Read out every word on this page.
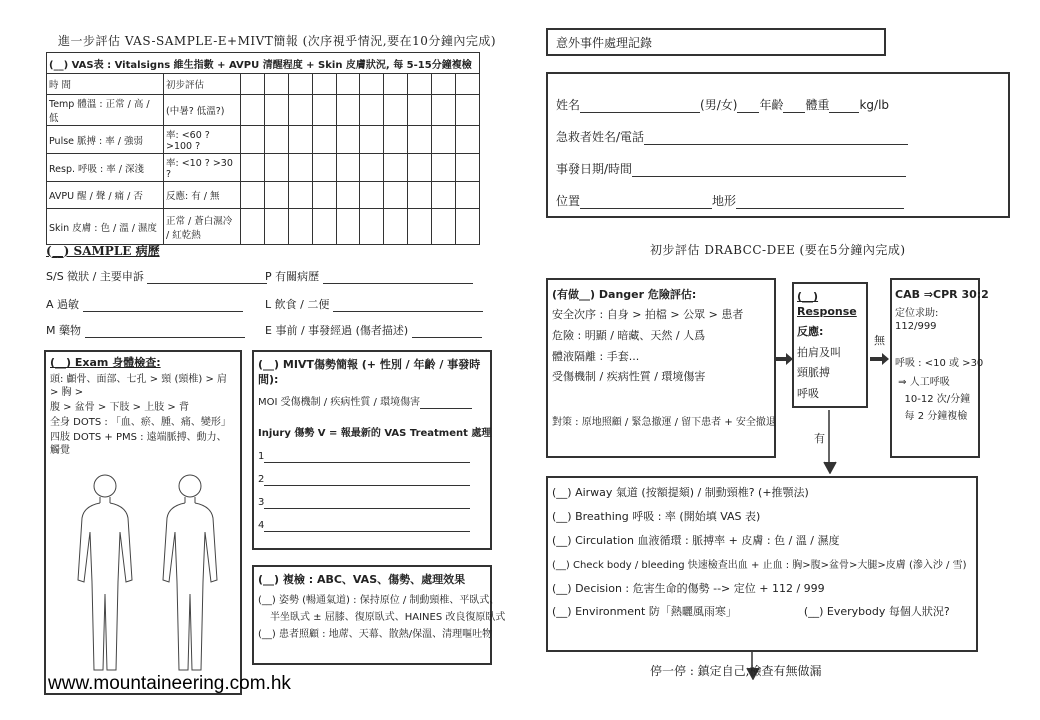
進一步評估 VAS-SAMPLE-E+MIVT簡報 (次序視乎情況,要在10分鐘內完成)
(__) VAS表 : Vitalsigns 維生指數 + AVPU 清醒程度 + Skin 皮膚狀況, 每 5-15分鐘複檢											
時 間	初步評估										
Temp 體溫 : 正常 / 高 / 低	(中暑? 低溫?)										
Pulse 脈搏 : 率 / 強弱	率: <60 ? >100 ?										
Resp. 呼吸 : 率 / 深淺	率: <10 ? >30 ?										
AVPU 醒 / 聲 / 痛 / 否	反應: 有 / 無										
Skin 皮膚 : 色 / 溫 / 濕度	正常 / 蒼白濕冷 / 紅乾熱										
(__) SAMPLE 病歷
S/S 徵狀 / 主要申訴	P 有關病歷
A 過敏	L 飲食 / 二便
M 藥物	E 事前 / 事發經過 (傷者描述)
(__) Exam 身體檢查:
頭: 顱骨、面部、七孔 > 頸 (頸椎) > 肩 > 胸 >
腹 > 盆骨 > 下肢 > 上肢 > 背
全身 DOTS : 「血、瘀、腫、痛、變形」
四肢 DOTS + PMS : 遠端脈搏、動力、觸覺
(__) MIVT傷勢簡報 (+ 性別 / 年齡 / 事發時間):
MOI 受傷機制 / 疾病性質 / 環境傷害
Injury 傷勢 V = 報最新的 VAS Treatment 處理
1
2
3
4
(__) 複檢 : ABC、VAS、傷勢、處理效果
(__) 姿勢 (暢通氣道) : 保持原位 / 制動頸椎、平臥式、
半坐臥式 ± 屈膝、復原臥式、HAINES 改良復原臥式
(__) 患者照顧 : 地蓆、天幕、散熱/保溫、清理嘔吐物
www.mountaineering.com.hk
意外事件處理記錄
姓名	(男/女) 年齡 體重	kg/lb
急救者姓名/電話
事發日期/時間
位置	地形
初步評估 DRABCC-DEE (要在5分鐘內完成)
(有做__) Danger 危險評估:
安全次序 : 自身 > 拍檔 > 公眾 > 患者
危險 : 明顯 / 暗藏、天然 / 人爲
體液隔離 : 手套...
受傷機制 / 疾病性質 / 環境傷害
對策 : 原地照顧 / 緊急撤運 / 留下患者 + 安全撤退
(__) Response
反應:
拍肩及叫
頸脈搏
呼吸
無
CAB ⇒CPR 30:2
定位求助: 112/999
呼吸 : <10 或 >30
⇒ 人工呼吸
10-12 次/分鐘
每 2 分鐘複檢
有
(__) Airway 氣道 (按額提頦) / 制動頸椎? (+推顎法)
(__) Breathing 呼吸 : 率 (開始填 VAS 表)
(__) Circulation 血液循環 : 脈搏率 + 皮膚 : 色 / 溫 / 濕度
(__) Check body / bleeding 快速檢查出血 + 止血 : 胸>腹>盆骨>大腿>皮膚 (滲入沙 / 雪)
(__) Decision : 危害生命的傷勢 --> 定位 + 112 / 999
(__) Environment 防「熱曬風雨寒」	(__) Everybody 每個人狀況?
停一停 : 鎮定自己,檢查有無做漏
